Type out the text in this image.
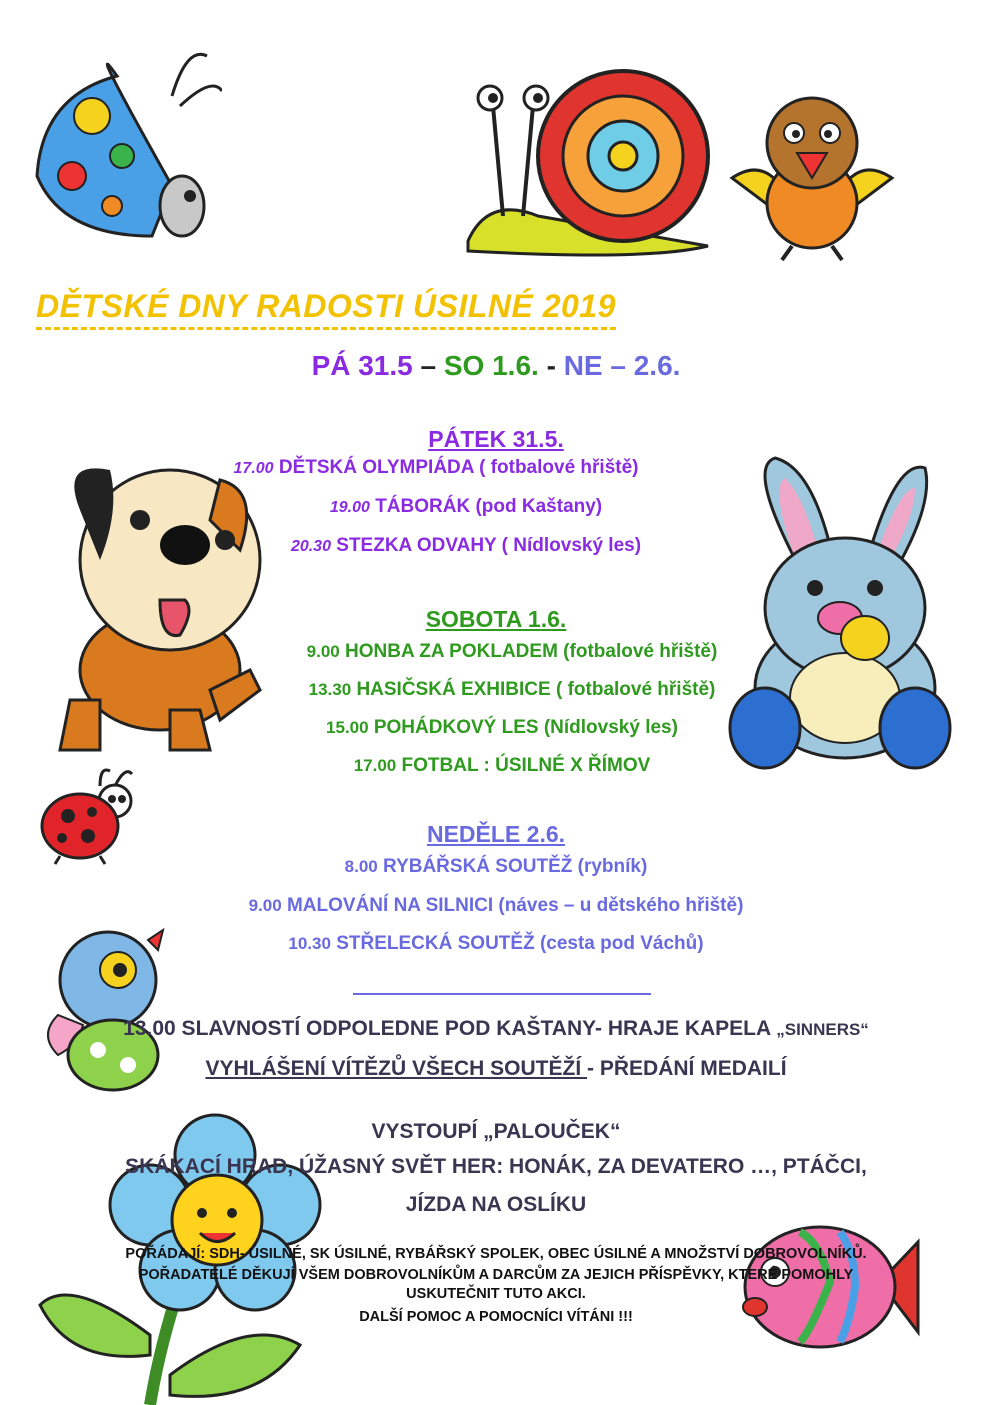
DĚTSKÉ DNY RADOSTI ÚSILNÉ 2019
PÁ 31.5 – SO 1.6. - NE – 2.6.
PÁTEK 31.5.
17.00 DĚTSKÁ OLYMPIÁDA ( fotbalové hřiště)
19.00 TÁBORÁK (pod Kaštany)
20.30 STEZKA ODVAHY ( Nídlovský les)
SOBOTA 1.6.
9.00 HONBA ZA POKLADEM (fotbalové hřiště)
13.30 HASIČSKÁ EXHIBICE ( fotbalové hřiště)
15.00 POHÁDKOVÝ LES (Nídlovský les)
17.00 FOTBAL : ÚSILNÉ X ŘÍMOV
NEDĚLE 2.6.
8.00 RYBÁŘSKÁ SOUTĚŽ (rybník)
9.00 MALOVÁNÍ NA SILNICI (náves – u dětského hřiště)
10.30 STŘELECKÁ SOUTĚŽ (cesta pod Váchů)
13.00 SLAVNOSTÍ ODPOLEDNE POD KAŠTANY- HRAJE KAPELA „SINNERS“
VYHLÁŠENÍ VÍTĚZŮ VŠECH SOUTĚŽÍ - PŘEDÁNÍ MEDAILÍ
VYSTOUPÍ „PALOUČEK“
SKÁKACÍ HRAD, ÚŽASNÝ SVĚT HER: HONÁK, ZA DEVATERO …, PTÁČCI,
JÍZDA NA OSLÍKU
POŘÁDAJÍ: SDH- ÚSILNÉ, SK ÚSILNÉ, RYBÁŘSKÝ SPOLEK, OBEC ÚSILNÉ A MNOŽSTVÍ DOBROVOLNÍKŮ.
POŘADATELÉ DĚKUJÍ VŠEM DOBROVOLNÍKŮM A DARCŮM ZA JEJICH PŘÍSPĚVKY, KTERÉ POMOHLY
USKUTEČNIT TUTO AKCI.
DALŠÍ POMOC A POMOCNÍCI VÍTÁNI !!!
